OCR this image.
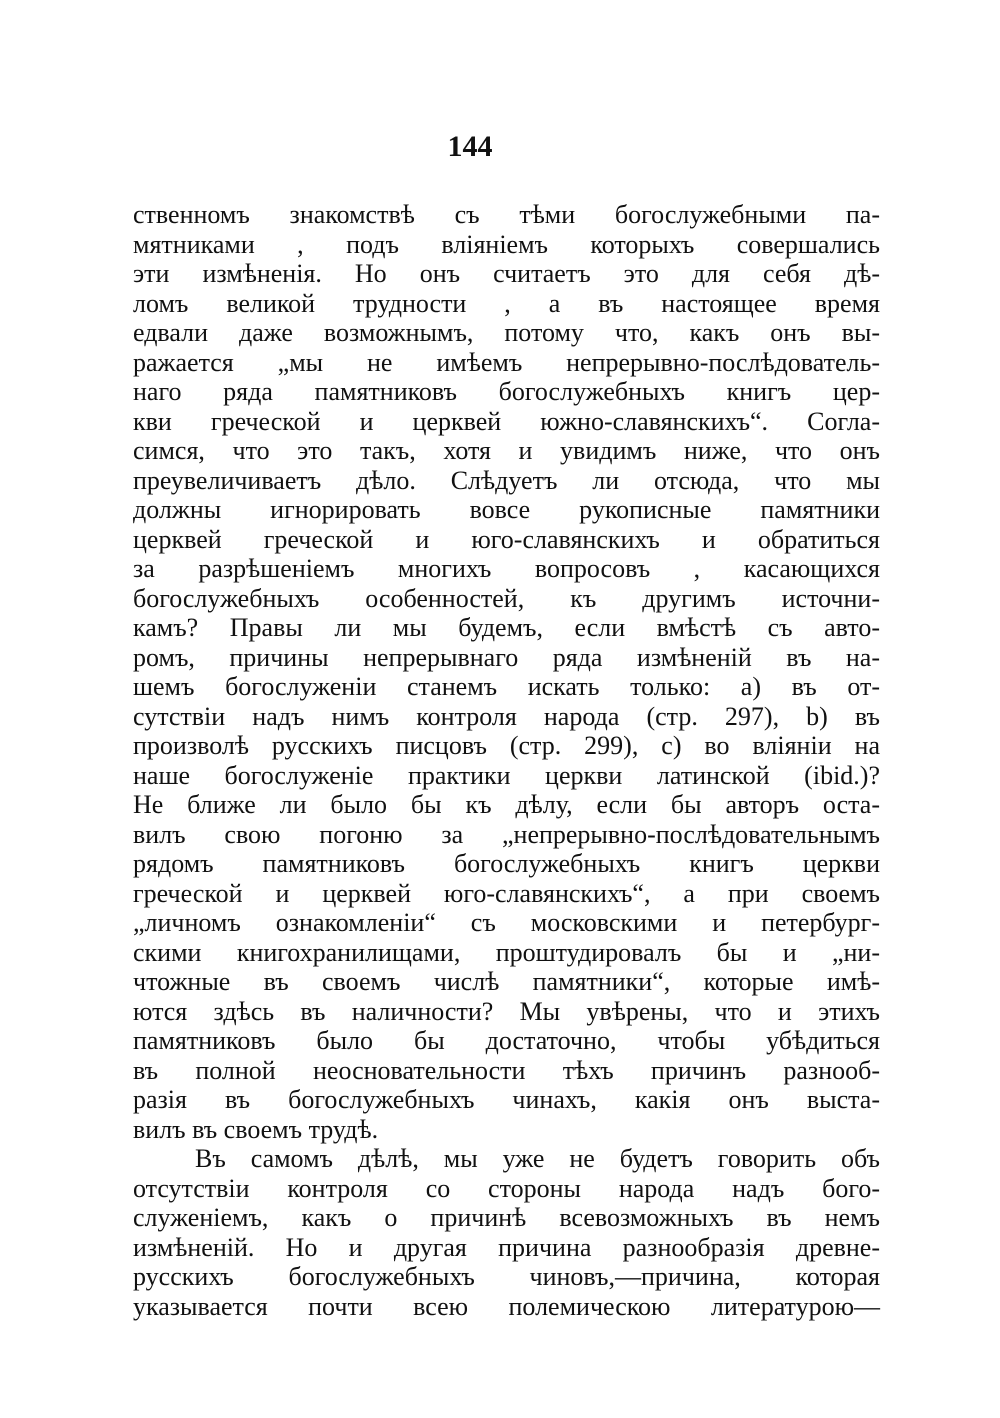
144
ственномъ знакомствѣ съ тѣми богослужебными па-
мятниками , подъ вліяніемъ которыхъ совершались
эти измѣненія. Но онъ считаетъ это для себя дѣ-
ломъ великой трудности , а въ настоящее время
едвали даже возможнымъ, потому что, какъ онъ вы-
ражается „мы не имѣемъ непрерывно-послѣдователь-
наго ряда памятниковъ богослужебныхъ книгъ цер-
кви греческой и церквей южно-славянскихъ“. Согла-
симся, что это такъ, хотя и увидимъ ниже, что онъ
преувеличиваетъ дѣло. Слѣдуетъ ли отсюда, что мы
должны игнорировать вовсе рукописные памятники
церквей греческой и юго-славянскихъ и обратиться
за разрѣшеніемъ многихъ вопросовъ , касающихся
богослужебныхъ особенностей, къ другимъ источни-
камъ? Правы ли мы будемъ, если вмѣстѣ съ авто-
ромъ, причины непрерывнаго ряда измѣненій въ на-
шемъ богослуженіи станемъ искать только: a) въ от-
сутствіи надъ нимъ контроля народа (стр. 297), b) въ
произволѣ русскихъ писцовъ (стр. 299), c) во вліяніи на
наше богослуженіе практики церкви латинской (ibid.)?
Не ближе ли было бы къ дѣлу, если бы авторъ оста-
вилъ свою погоню за „непрерывно-послѣдовательнымъ
рядомъ памятниковъ богослужебныхъ книгъ церкви
греческой и церквей юго-славянскихъ“, а при своемъ
„личномъ ознакомленіи“ съ московскими и петербург-
скими книгохранилищами, проштудировалъ бы и „ни-
чтожные въ своемъ числѣ памятники“, которые имѣ-
ются здѣсь въ наличности? Мы увѣрены, что и этихъ
памятниковъ было бы достаточно, чтобы убѣдиться
въ полной неосновательности тѣхъ причинъ разнооб-
разія въ богослужебныхъ чинахъ, какія онъ выста-
вилъ въ своемъ трудѣ.
Въ самомъ дѣлѣ, мы уже не будетъ говорить объ
отсутствіи контроля со стороны народа надъ бого-
служеніемъ, какъ о причинѣ всевозможныхъ въ немъ
измѣненій. Но и другая причина разнообразія древне-
русскихъ богослужебныхъ чиновъ,—причина, которая
указывается почти всею полемическою литературою—
